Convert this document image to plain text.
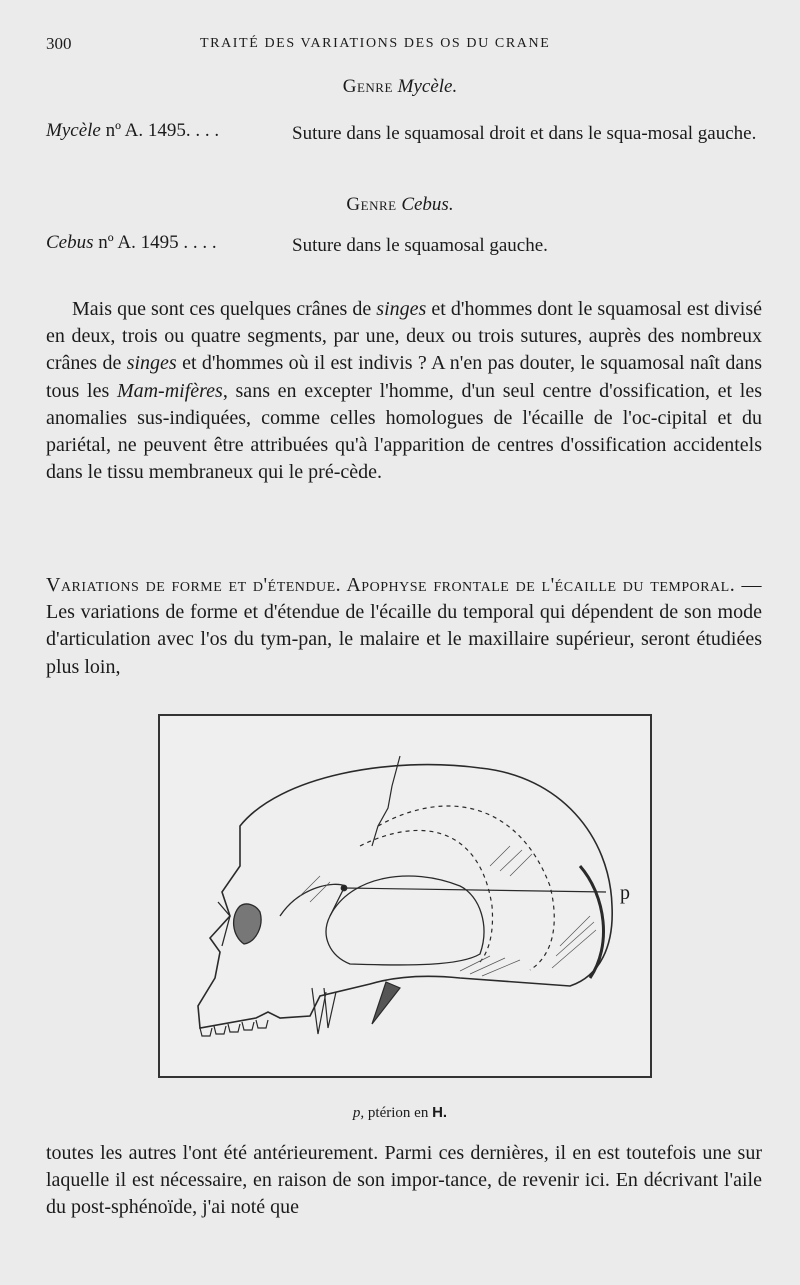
300	TRAITÉ DES VARIATIONS DES OS DU CRANE
Genre Mycèle.
Mycèle nº A. 1495. . . .	Suture dans le squamosal droit et dans le squa-mosal gauche.
Genre Cebus.
Cebus nº A. 1495 . . . .	Suture dans le squamosal gauche.

Mais que sont ces quelques crânes de singes et d'hommes dont le squamosal est divisé en deux, trois ou quatre segments, par une, deux ou trois sutures, auprès des nombreux crânes de singes et d'hommes où il est indivis ? A n'en pas douter, le squamosal naît dans tous les Mam-mifères, sans en excepter l'homme, d'un seul centre d'ossification, et les anomalies sus-indiquées, comme celles homologues de l'écaille de l'oc-cipital et du pariétal, ne peuvent être attribuées qu'à l'apparition de centres d'ossification accidentels dans le tissu membraneux qui le pré-cède.

Variations de forme et d'étendue. Apophyse frontale de l'écaille du temporal. — Les variations de forme et d'étendue de l'écaille du temporal qui dépendent de son mode d'articulation avec l'os du tym-pan, le malaire et le maxillaire supérieur, seront étudiées plus loin,

p
p, ptérion en H.

toutes les autres l'ont été antérieurement. Parmi ces dernières, il en est toutefois une sur laquelle il est nécessaire, en raison de son impor-tance, de revenir ici. En décrivant l'aile du post-sphénoïde, j'ai noté que
